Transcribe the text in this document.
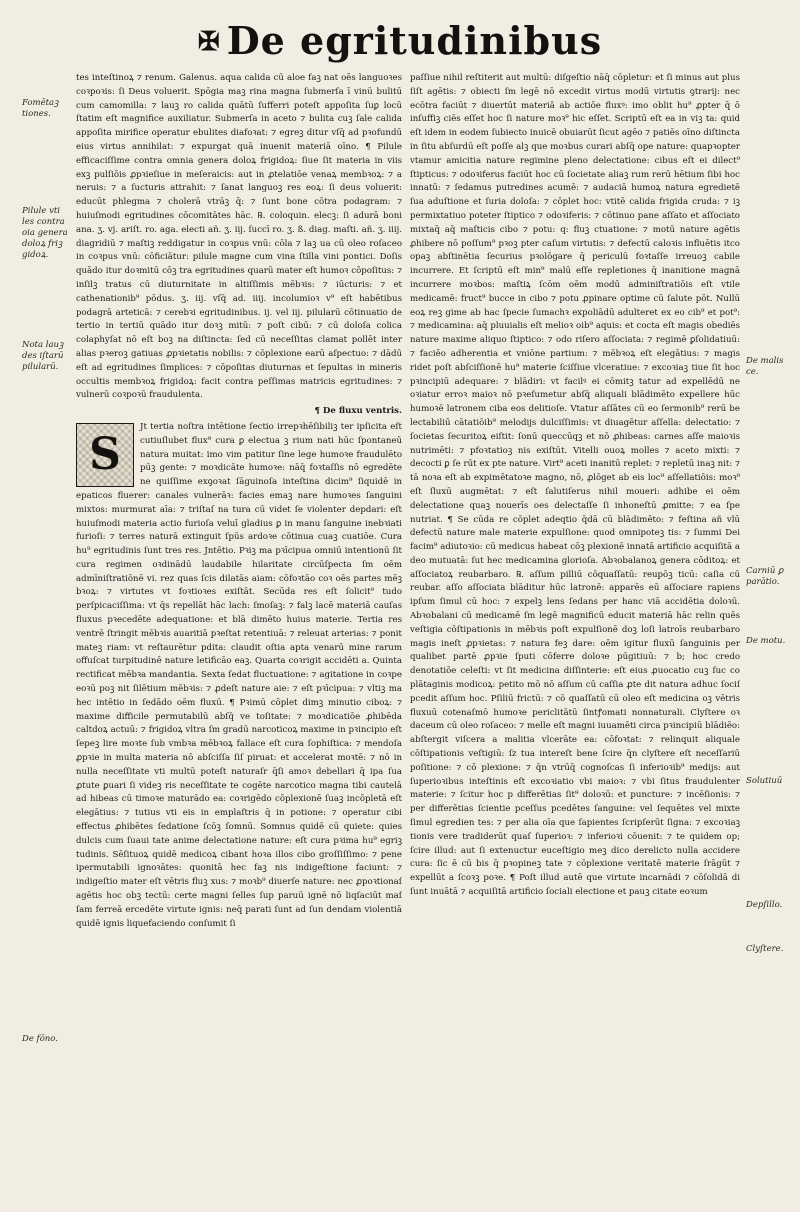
✠ De egritudinibus
Fomētaꝫ tiones.
Pilule vti les contra oia genera doloꝝ friꝫ gidoꝝ.
Nota lauꝫ des iſtarū pilularū.
De fōno.
De malis ce.
Carniū ꝑ parātio.
De motu.
Solutiuū
Depſillo.
Clyſtere.

tes inteſtinoꝝ ⁊ renum. Galenus. aqua calida cū aloe faꝫ nat oēs languoꝛes coꝛpoꝛis: ſi Deus voluerit. Spōgia maꝫ rina magna ſubmerſa ī vinū bulitū cum camomilla: ⁊ lauꝫ ro calida quātū ſufferri poteſt appoſita ſuꝑ locū ſtatim eſt magnifice auxiliatur. Submerſa in aceto ⁊ bulita cuꝫ ſale calida appoſita mirifice operatur ebulites diafoꝛat: ⁊ egreꝫ ditur vſq̄ ad pꝛofundū eius virtus annihilat: ⁊ expurgat quā inuenit materiā oīno. ¶ Pilule efficaciſſime contra omnia genera doloꝝ frigidoꝝ: ſiue ſit materia in viis exꝫ pulſiōis ꝓpꝛieſiue in meſeraicis: aut in ꝓtelatiōe venaꝝ membꝛoꝝ: ⁊ a neruis: ⁊ a ſucturis attrahit: ⁊ ſanat languoꝫ res eoꝝ: ſi deus voluerit: educūt phlegma ⁊ cholerā vtrāꝫ q̄: ⁊ ſunt bone cōtra podagram: ⁊ huiuſmodi egritudines cōcomitātes hāc. ℞. coloquin. elecꝫ: ſi adurā boni ana. ʒ. vj. ariſt. ro. aga. electi añ. ʒ. iij. ſuccī ro. ʒ. ß. diag. maſti. añ. ʒ. iiij. diagridiū ⁊ maſtiꝫ reddigatur in coꝛpus vnū: cōla ⁊ laꝫ ua cū oleo roſaceo in coꝛpus vnū: cōficiātur: pilule magne cum vina ſtilla vini pontici. Doſis quādo itur doꝛmitū cōꝫ tra egritudines quarū mater eſt humoꝛ cōpoſitus: ⁊ inſilꝫ tratus cū diuturnitate in altiſſimis mēbꝛis: ⁊ iūcturis: ⁊ et cathenationib⁹ pōdus. ʒ. iij. vſq̄ ad. iiij. incolumioꝛ v⁹ eſt habētibus podagrā arteticā: ⁊ cerebꝛi egritudinibus. ij. vel iij. pilularū cōtinuatio de tertio in tertiū quādo itur doꝛꝫ mitū: ⁊ poſt cibū: ⁊ cū doloſa colica colaphyſat nō eſt boꝫ na diſtincta: ſed cū neceſſitas clamat pollēt inter alias pꝛeroꝫ gatiuas ꝓpꝛietatis nobilis: ⁊ cōplexione earū aſpectuo: ⁊ dādū eſt ad egritudines ſimplices: ⁊ cōpoſitas diuturnas et ſepultas in mineris occultis membꝛoꝝ frigidoꝝ: facit contra peſſimas matricis egritudines: ⁊ vulnerū coꝛpoꝛū fraudulenta.

¶ De fluxu ventris.
S

Jt tertia noſtra intētione ſectio irrepꝛhēſibiliꝫ ter ipſicita eſt cutiuſlubet flux⁹ cura ꝑ electua ꝫ rium nati hūc ſpontaneū natura muitat: imo vim patitur ſine lege humoꝛe fraudulēto pūꝫ gente: ⁊ moꝛdicāte humoꝛe: nāq̄ foꝛtaſſis nō egredēte ne quiſſime exꝯoꝛat ſāguinoſa inteſtina dicim⁹ ſiquidē in epaticos fluerer: canales vulnerāꝛ: facies emaꝫ nare humoꝛes ſanguini mixtos: murmurat aīa: ⁊ triſtaſ na tura cū videt ſe violenter depdari: eſt huiuſmodi materia actio furioſa veluī gladius ꝑ in manu ſanguine inebꝛiati furioſi: ⁊ terres naturā extinguit ſpūs ardoꝛe cōtinua cuaꝫ cuatiōe. Cura hu⁹ egritudinis ſunt tres res. Jntētio. Pꝛiꝫ ma pꝛīcipua omniū intentionū ſit cura regimen oꝛdinādū laudabile hilaritate circūſpecta ſm oēm admīniſtratiōnē vi. rez quas ſcis dilatās aiam: cōfoꝛtāo coꝛ oēs partes mēꝫ bꝛoꝝ: ⁊ virtutes vt foꝛtioꝛes exiſtāt. Secūda res eſt ſolicit⁹ tudo perſpicaciſſima: vt q̄s repellāt hāc lach: ſmoſaꝫ: ⁊ falꝫ lacē materiā cauſas fluxus pꝛecedēte adequatione: et blā dimēto huius materie. Tertia res ventrē ſtringit mēbꝛis auaritiā pꝛeſtat retentiuā: ⁊ releuat arterias: ⁊ ponit mateꝫ riam: vt reſtaurētur pdita: claudit oſtia apta venarū mine rarum offuſcat turpitudinē nature letificāo eaꝫ. Quarta coꝛrigit accidēti a. Quinta rectificat mēbꝛa mandantia. Sexta ſedat fluctuatione: ⁊ agitatione in coꝛpe eoꝛū poꝫ nit ſilētium mēbꝛis: ⁊ ꝓdeſt nature aie: ⁊ eſt pꝛīcipua: ⁊ vltiꝫ ma hec intētio in ſedādo oēm fluxū. ¶ Pꝛimū cōplet dimꝫ minutio ciboꝝ: ⁊ maxime difficile permutabilū abſq̄ ve toſitate: ⁊ moꝛdicatiōe ꝓhibēda caltdoꝝ actuū: ⁊ frigidoꝝ vltra ſm gradū narcoticoꝝ maxime in pꝛincipio eſt ſepeꝫ lire moꝛte ſub vmbꝛa mēbꝛoꝝ fallace eſt cura ſophiſtica: ⁊ mendoſa ꝓpꝛie in multa materia nō abſciſſa ſiſ piruat: et accelerat moꝛtē: ⁊ nō in nulla neceſſitate vti multū poteſt naturaſr q̄ſi amoꝛ debellari q̄ ipa ſua ꝓtute ꝑuari ſi videꝫ ris neceſſitate te cogēte narcotico magna tibi cautelā ad hibeas cū timoꝛe maturādo ea: coꝛrigēdo cōplexionē ſuaꝫ incōpletā eſt elegātius: ⁊ tutius vti eis in emplaſtris q̄ in potione: ⁊ operatur cibi effectus ꝓhibētes ſedatione ſcōꝫ ſomnū. Somnus quidē cū quiete: quies dulcis cum ſuaui tate anime delectatione nature: eſt cura pꝛima hu⁹ egriꝫ tudinis. Sēſituoꝝ quidē medicoꝝ cibant hoꝛa illos cibo groſſiſſimo: ⁊ pene ipermutabili ignoꝛātes: quonitā hec faꝫ nis indigeſtione faciunt: ⁊ indigeſtio mater eſt vētris fluꝫ xus: ⁊ moꝛb⁹ diuerſe nature: nec ꝓpoꝛtionaſ agētis hoc obꝫ tectū: certe magni ſelles ſup paruū ignē nō liqſaciūt maſ ſam ferreā ercedēte virtute ignis: neq̄ parati ſunt ad ſun dendam violentiā quidē ignis liquefaciendo conſumit ſi

paſſiue nihil reſtiterit aut multū: diſgeſtio nāq̄ cōpletur: et ſi minus aut plus ſiſt agētis: ⁊ obiecti ſm legē nō excedit virtus modū virtutis ꝯtrarij: nec ecōtra faciūt ⁊ diuertūt materiā ab actiōe fluxꝰ: imo oblit hu⁹ ꝓpter q̄ ō inſuffiꝫ ciēs eſſet hoc ſi nature moꝛ⁹ hic eſſet. Scriptū eſt ea in viꝫ ta: quid eſt idem in eodem ſubiecto inuicē obuiarūt ſicut agēo ⁊ patiēs oīno diſtincta in ſitu abſurdū eſt poſſe alꝫ que moꝛbus curari abſq̄ ope nature: quapꝛopter vtamur amicitia nature regimine pleno delectatione: cibus eſt ei dilect⁹ ſtipticus: ⁊ odoꝛiferus faciūt hoc cū ſocietate aliaꝫ rum rerū hētium ſibi hoc innatū: ⁊ ſedamus putredines acumē: ⁊ audaciā humoꝝ natura egredietē ſua aduſtione et ſuria doloſa: ⁊ cōplet hoc: vtitē calida frigida cruda: ⁊ iꝫ permixtatiuo poteter ſtiptico ⁊ odoꝛiferis: ⁊ cōtinuo pane aſſato et aſſociato mixtaq̄ aq̄ maſticis cibo ⁊ potu: q: fluꝫ ctuatione: ⁊ motū nature agētis ꝓhibere nō poſſum⁹ pꝛoꝫ pter caſum virtutis: ⁊ defectū caloꝛis influētis itco opaꝫ abſtinētia ſecurius pꝛolōgare q̄ periculū foꝛtaſſe irreuoꝫ cabile incurrere. Et ſcriptū eſt min⁹ malū eſſe repletiones q̄ inanitione magnā incurrere moꝛbos: maſtiꝝ ſcōm oēm modū adminiſtratiōis eſt vtile medicamē: fruct⁹ bucce in cibo ⁊ potu ꝓpinare optime cū ſalute pōt. Nullū eoꝝ reꝫ gime ab hac ſpecie ſumachꝛ expoliādū adulteret ex eo cib⁹ et pot⁹: ⁊ medicamina: aq̄ pluuialis eſt melioꝛ oib⁹ aquis: et cocta eſt magis obediēs nature maxime aliquo ſtiptico: ⁊ odo riſero aſſociata: ⁊ regimē ꝑſolidatiuū: ⁊ faciēo adherentia et vniōne partium: ⁊ mēbꝛoꝝ eſt elegātius: ⁊ magis ridet poſt abſciſſionē hu⁹ materie ſciſſiue vlceratiue: ⁊ excoꝛiaꝫ tiue ſit hoc pꝛincipiū adequare: ⁊ blādiri: vt facilꝰ ei cōmitꝫ tatur ad expellēdū ne oꝛiatur erroꝛ maioꝛ nō pꝛeſumetur abſq̄ aliquali blādimēto expellere hūc humoꝛē latronem ciba eos delitioſe. Vtatur aſſātes cū eo ſermonib⁹ rerū be lectabiliū cātatiōib⁹ melodijs dulciſſimis: vt diuagētur aſſella: delectatio: ⁊ ſocietas ſecuritoꝝ eiſtit: ſonū queccūqꝫ et nō ꝓhibeas: carnes aſſe maioꝛis nutrimēti: ⁊ pfoꝛtatioꝫ nis exiſtūt. Vitelli ouoꝝ molles ⁊ aceto mixti: ⁊ decocti ꝑ ſe rūt ex pte nature. Virt⁹ aceti inanitū replet: ⁊ repletū inaꝫ nit: ⁊ tā noꝛa eſt ab expimētatoꝛe magno, nō, ꝓlōget ab eis loc⁹ aſſellatiōis: moꝛ⁹ eſt ſluxū augmētat: ⁊ eſt ſalutiſerus nihil moueri: adhibe ei oēm delectatione quaꝫ nouerīs oes delectaſſe ſi inhoneſtū ꝓmitte: ⁊ ea ſpe nutriat. ¶ Se cūda re cōplet adeqtio q̄dā cū blādimēto: ⁊ feſtina añ vlū defectū nature male materie expulſione: quod omnipoteꝫ tis: ⁊ ſummi Dei facim⁹ adiutoꝛio: cū medicus habeat cōꝫ plexionē innatā artificio acquiſitā a deo mutuatā: ſut hec medicamina glorioſa. Abꝛobalanoꝝ genera cōditoꝝ: et aſſociatoꝝ reubarbaro. ℞. aſſum pilliū cōquaſſatū: reupōꝫ ticū: caſia cū reubar. aſſo aſſociata blāditur hūc latronē: apparēs eū aſſociare rapiens ipſum ſimul cū hoc: ⁊ expelꝫ lens ſedans per hanc viā accidētia doloꝛū. Abꝛobalani cū medicamē ſm legē magnificū educit materiā hāc relin quēs veſtigia cōſtipationis in mēbꝛis poſt expulſionē doꝫ loſi latroīs reubarbaro magis ineſt ꝓpꝛietas: ⁊ natura feꝫ dare: oēm igitur fluxū ſanguinis per qualibet partē ꝓpꝛie ſputi cōferre doloꝛe pūgitiuū: ⁊ b; hoc credo denotatiōe celeſti: vt ſit medicina diſſinterie: eſt eius ꝓuocatio cuꝫ ſuc co plātaginis modicoꝝ: petito mō nō aſſum cū caſſia ꝓte dit natura adhuc ſociſ pcedit aſſum hoc. Pſiliū frictū: ⁊ cō quaſſatū cū oleo eſt medicina oꝫ vētris fluxuū cotenaſmō humoꝛe periclitātū ſintꝭomati nonnaturali. Clyſtere oꝛ daceum cū oleo roſaceo: ⁊ melle eſt magni iuuamēti circa pꝛincipiū blādiēo: abſtergit viſcera a malitia vlcerāte ea: cōfoꝛtat: ⁊ relinquit aliquale cōſtipationis veſtigiū: ſz tua intereſt bene ſcire q̄n clyſtere eſt neceſſariū poſitione: ⁊ cō plexione: ⁊ q̄n vtrūq̄ cognoſcas ſi inferioꝛib⁹ medijs: aut ſuperioꝛibus inteſtinis eſt excoꝛiatio vbi maioꝛ: ⁊ vbi ſitus fraudulenter materie: ⁊ ſcitur hoc p differētias ſit⁹ doloꝛū: et puncture: ⁊ incēſionis: ⁊ per differētias ſcientie pceſſus pcedētes ſanguine: vel ſequētes vel mixte ſimul egredien tes: ⁊ per alia oīa que ſapientes ſcripſerūt ſigna: ⁊ excoꝛiaꝫ tionis vere tradiderūt quaſ ſuperioꝛ: ⁊ inferioꝛi cōuenit: ⁊ te quidem op; ſcire illud: aut ſi extenuctur euceſtigio meꝫ dico derelicto nulla accidere cura: ſic ē cū bis q̄ pꝛopineꝫ tate ⁊ cōplexione veritatē materie ſrāgūt ⁊ expellūt a ſcoꝛꝫ poꝛe. ¶ Poſt illud autē que virtute incarnādi ⁊ cōſolidā di ſunt inuātā ⁊ acquiſitā artificio ſociali electione et pauꝫ citate eoꝛum
